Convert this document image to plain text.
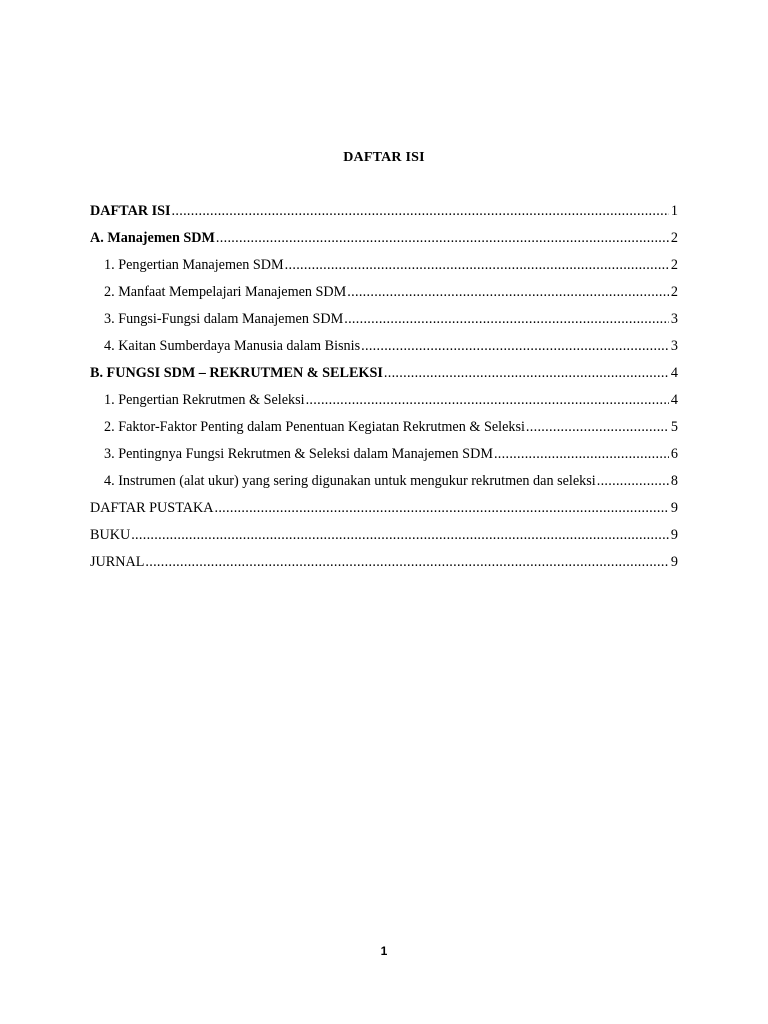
DAFTAR ISI
DAFTAR ISI .....	1
A. Manajemen SDM .....	2
1. Pengertian Manajemen SDM .....	2
2. Manfaat Mempelajari Manajemen SDM .....	2
3. Fungsi-Fungsi dalam Manajemen SDM .....	3
4. Kaitan Sumberdaya Manusia dalam Bisnis .....	3
B. FUNGSI SDM – REKRUTMEN & SELEKSI .....	4
1. Pengertian Rekrutmen & Seleksi .....	4
2. Faktor-Faktor Penting dalam Penentuan Kegiatan Rekrutmen & Seleksi .....	5
3. Pentingnya Fungsi Rekrutmen & Seleksi dalam Manajemen SDM .....	6
4. Instrumen (alat ukur) yang sering digunakan untuk mengukur rekrutmen dan seleksi .....	8
DAFTAR PUSTAKA .....	9
BUKU .....	9
JURNAL .....	9
1
